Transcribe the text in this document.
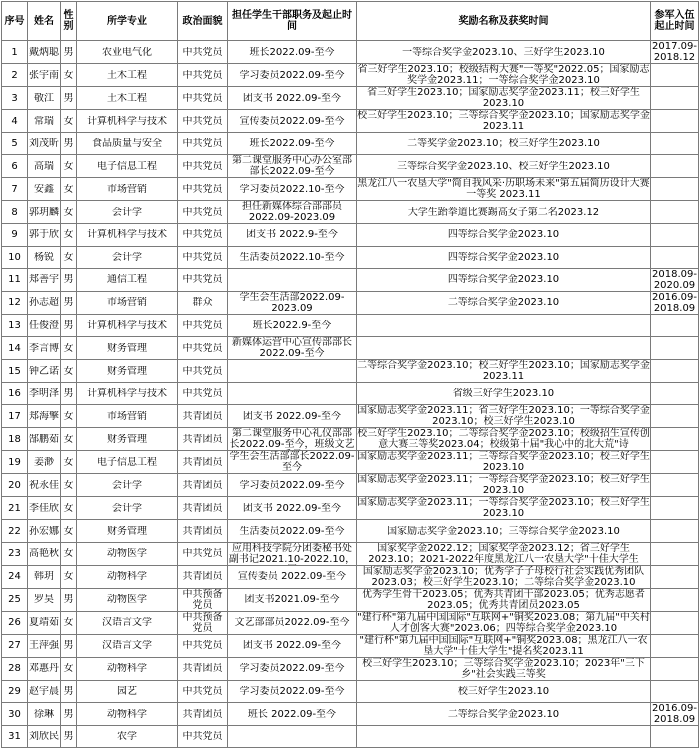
序号	姓名	性别	所学专业	政治面貌	担任学生干部职务及起止时间	奖励名称及获奖时间	参军入伍起止时间

1	戴炳聪	男	农业电气化	中共党员	班长2022.09-至今	一等综合奖学金2023.10、三好学生2023.10	2017.09-2018.12

2	张宇南	女	土木工程	中共党员	学习委员2022.09-至今	省三好学生2023.10；校级结构大赛"一等奖"2022.05；国家励志奖学金2023.11；一等综合奖学金2023.10	

3	敬江	男	土木工程	中共党员	团支书 2022.09-至今	省三好学生2023.10；国家励志奖学金2023.11；校三好学生2023.10	

4	常瑞	女	计算机科学与技术	中共党员	宣传委员2022.09-至今	校三好学生2023.10；三等综合奖学金2023.10；国家励志奖学金2023.11	

5	刘茂昕	男	食品质量与安全	中共党员	班长2022.09-至今	二等奖学金2023.10；校三好学生2023.10	

6	高瑞	女	电子信息工程	中共党员	第二课堂服务中心办公室部部长2022.09-至今	三等综合奖学金2023.10、校三好学生2023.10	

7	安鑫	女	市场营销	中共党员	学习委员2022.10-至今	黑龙江八一农垦大学"简自我风采·历职场未来"第五届简历设计大赛一等奖 2023.11	

8	郭玥麟	女	会计学	中共党员	担任新媒体综合部部员2022.09-2023.09	大学生跆拳道比赛踢高女子第二名2023.12	

9	郭于欣	女	计算机科学与技术	中共党员	团支书 2022.9-至今	四等综合奖学金2023.10	

10	杨锐	女	会计学	中共党员	生活委员2022.10-至今	四等综合奖学金2023.10	

11	郑善宇	男	通信工程	中共党员		四等综合奖学金2023.10	2018.09-2020.09

12	孙志超	男	市场营销	群众	学生会生活部2022.09-2023.09	二等综合奖学金2023.10	2016.09-2018.09

13	任俊澄	男	计算机科学与技术	中共党员	班长2022.9-至今		

14	李言博	女	财务管理	中共党员	新媒体运营中心宣传部部长2022.09-至今		

15	钟乙诺	女	财务管理	中共党员		二等综合奖学金2023.10；校三好学生2023.10；国家励志奖学金2023.11	

16	李明泽	男	计算机科学与技术	中共党员		省级三好学生2023.10	

17	郑海擎	女	市场营销	共青团员	团支书 2022.09-至今	国家励志奖学金2023.11；省三好学生2023.10；一等综合奖学金2023.10；校三好学生2023.10	

18	郜鹏茹	女	财务管理	共青团员	第二课堂服务中心礼仪部部长2022.09-至今，班级文艺	校三好学生2023.10；二等综合奖学金2023.10；校级招生宣传创意大赛三等奖2023.04；校级第十届"我心中的北大荒"诗	

19	姜渺	女	电子信息工程	共青团员	学生会生活部部长2022.09-至今	国家励志奖学金2023.11；三等综合奖学金2023.10；校三好学生2023.10	

20	祝永佳	女	会计学	共青团员	学习委员2022.09-至今	国家励志奖学金2023.11；一等综合奖学金2023.10；校三好学生2023.10	

21	李佳欣	女	会计学	共青团员	团支书 2022.09-至今	国家励志奖学金2023.11；一等综合奖学金2023.10；校三好学生2023.10	

22	孙宏娜	女	财务管理	共青团员	生活委员2022.09-至今	国家励志奖学金2023.10；三等综合奖学金2023.10	

23	高艳秋	女	动物医学	中共党员	应用科技学院分团委秘书处副书记2021.10-2022.10，	国家奖学金2022.12；国家奖学金2023.12；省三好学生2023.10；2021-2022年度黑龙江八一农垦大学"十佳大学生	

24	韩玥	女	动物科学	共青团员	宣传委员 2022.09-至今	国家励志奖学金2023.10；优秀学子子母校行社会实践优秀团队2023.03；校三好学生2023.10；二等综合奖学金2023.10	

25	罗昊	男	动物医学	中共预备党员	团支书2021.09-至今	优秀学生骨干2023.05；优秀共青团干部2023.05；优秀志愿者2023.05；优秀共青团员2023.05	

26	夏靖茹	女	汉语言文学	中共预备党员	文艺部部员2022.09-至今	"建行杯"第九届中国国际"互联网+"铜奖2023.08；第九届"中关村人才创客大赛"2023.06；四等综合奖学金2023.10	

27	王萍强	男	汉语言文学	中共党员	团支书 2022.09-至今	"建行杯"第九届中国国际"互联网+"铜奖2023.08；黑龙江八一农垦大学"十佳大学生"提名奖2023.11	

28	邓惠丹	女	动物科学	共青团员	学习委员2022.09-至今	校三好学生2023.10；三等综合奖学金2023.10；2023年"三下乡"社会实践三等奖	

29	赵宇晨	男	园艺	中共党员	学习委员2022.09-至今	校三好学生2023.10	

30	徐琳	男	动物科学	共青团员	班长 2022.09-至今	二等综合奖学金2023.10	2016.09-2018.09

31	刘欣民	男	农学	中共党员			
